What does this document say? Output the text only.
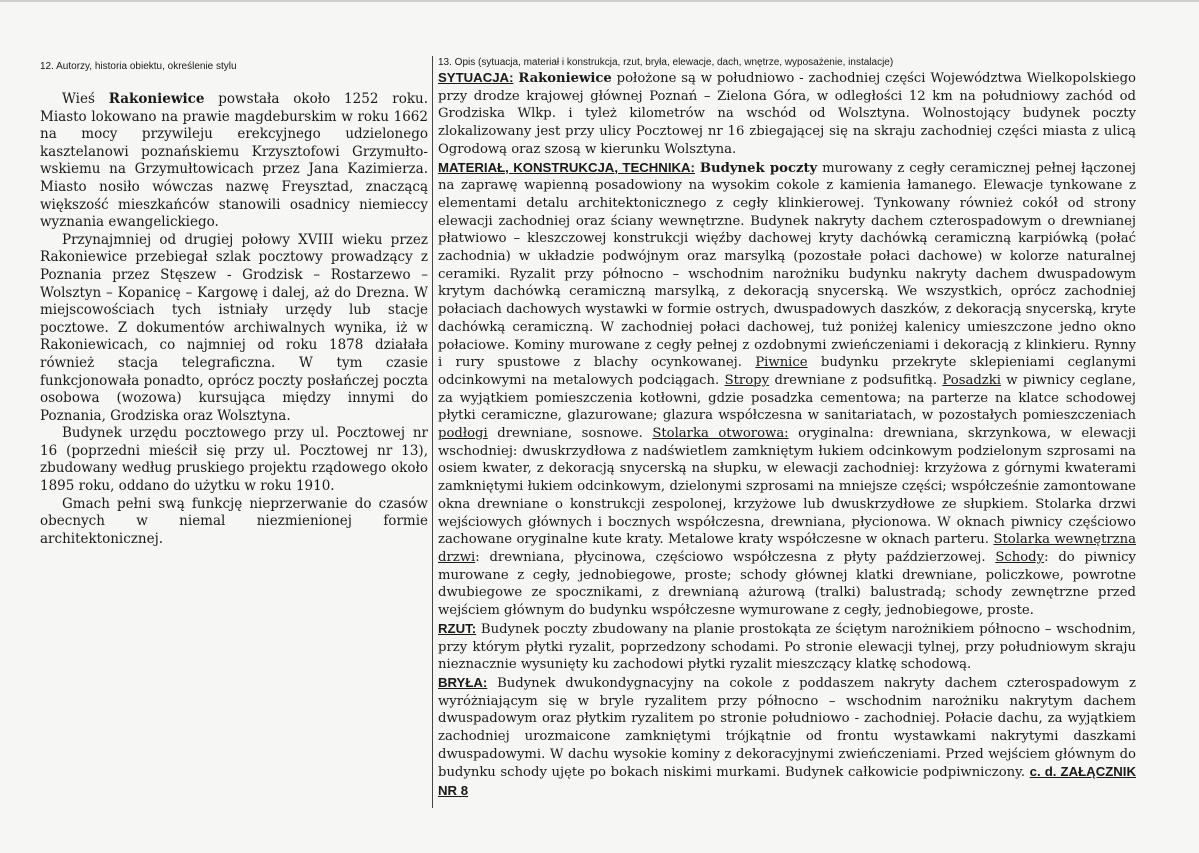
12. Autorzy, historia obiektu, określenie stylu

Wieś Rakoniewice powstała około 1252 roku. Miasto lokowano na prawie magdeburskim w roku 1662 na mocy przywileju erekcyjnego udzielonego kasztelanowi poznańskiemu Krzysztofowi Grzymułto-wskiemu na Grzymułtowicach przez Jana Kazimierza. Miasto nosiło wówczas nazwę Freysztad, znaczącą większość mieszkańców stanowili osadnicy niemieccy wyznania ewangelickiego.

Przynajmniej od drugiej połowy XVIII wieku przez Rakoniewice przebiegał szlak pocztowy prowadzący z Poznania przez Stęszew - Grodzisk – Rostarzewo – Wolsztyn – Kopanicę – Kargowę i dalej, aż do Drezna. W miejscowościach tych istniały urzędy lub stacje pocztowe. Z dokumentów archiwalnych wynika, iż w Rakoniewicach, co najmniej od roku 1878 działała również stacja telegraficzna. W tym czasie funkcjonowała ponadto, oprócz poczty posłańczej poczta osobowa (wozowa) kursująca między innymi do Poznania, Grodziska oraz Wolsztyna.

Budynek urzędu pocztowego przy ul. Pocztowej nr 16 (poprzedni mieścił się przy ul. Pocztowej nr 13), zbudowany według pruskiego projektu rządowego około 1895 roku, oddano do użytku w roku 1910.

Gmach pełni swą funkcję nieprzerwanie do czasów obecnych w niemal niezmienionej formie architektonicznej.

13. Opis (sytuacja, materiał i konstrukcja, rzut, bryła, elewacje, dach, wnętrze, wyposażenie, instalacje)

SYTUACJA: Rakoniewice położone są w południowo - zachodniej części Województwa Wielkopolskiego przy drodze krajowej głównej Poznań – Zielona Góra, w odległości 12 km na południowy zachód od Grodziska Wlkp. i tyleż kilometrów na wschód od Wolsztyna. Wolnostojący budynek poczty zlokalizowany jest przy ulicy Pocztowej nr 16 zbiegającej się na skraju zachodniej części miasta z ulicą Ogrodową oraz szosą w kierunku Wolsztyna.

MATERIAŁ, KONSTRUKCJA, TECHNIKA: Budynek poczty murowany z cegły ceramicznej pełnej łączonej na zaprawę wapienną posadowiony na wysokim cokole z kamienia łamanego. Elewacje tynkowane z elementami detalu architektonicznego z cegły klinkierowej. Tynkowany również cokół od strony elewacji zachodniej oraz ściany wewnętrzne. Budynek nakryty dachem czterospadowym o drewnianej płatwiowo – kleszczowej konstrukcji więźby dachowej kryty dachówką ceramiczną karpiówką (połać zachodnia) w układzie podwójnym oraz marsylką (pozostałe połaci dachowe) w kolorze naturalnej ceramiki. Ryzalit przy północno – wschodnim narożniku budynku nakryty dachem dwuspadowym krytym dachówką ceramiczną marsylką, z dekoracją snycerską. We wszystkich, oprócz zachodniej połaciach dachowych wystawki w formie ostrych, dwuspadowych daszków, z dekoracją snycerską, kryte dachówką ceramiczną. W zachodniej połaci dachowej, tuż poniżej kalenicy umieszczone jedno okno połaciowe. Kominy murowane z cegły pełnej z ozdobnymi zwieńczeniami i dekoracją z klinkieru. Rynny i rury spustowe z blachy ocynkowanej. Piwnice budynku przekryte sklepieniami ceglanymi odcinkowymi na metalowych podciągach. Stropy drewniane z podsufitką. Posadzki w piwnicy ceglane, za wyjątkiem pomieszczenia kotłowni, gdzie posadzka cementowa; na parterze na klatce schodowej płytki ceramiczne, glazurowane; glazura współczesna w sanitariatach, w pozostałych pomieszczeniach podłogi drewniane, sosnowe. Stolarka otworowa: oryginalna: drewniana, skrzynkowa, w elewacji wschodniej: dwuskrzydłowa z nadświetlem zamkniętym łukiem odcinkowym podzielonym szprosami na osiem kwater, z dekoracją snycerską na słupku, w elewacji zachodniej: krzyżowa z górnymi kwaterami zamkniętymi łukiem odcinkowym, dzielonymi szprosami na mniejsze części; współcześnie zamontowane okna drewniane o konstrukcji zespolonej, krzyżowe lub dwuskrzydłowe ze słupkiem. Stolarka drzwi wejściowych głównych i bocznych współczesna, drewniana, płycionowa. W oknach piwnicy częściowo zachowane oryginalne kute kraty. Metalowe kraty współczesne w oknach parteru. Stolarka wewnętrzna drzwi: drewniana, płycinowa, częściowo współczesna z płyty paździerzowej. Schody: do piwnicy murowane z cegły, jednobiegowe, proste; schody głównej klatki drewniane, policzkowe, powrotne dwubiegowe ze spocznikami, z drewnianą ażurową (tralki) balustradą; schody zewnętrzne przed wejściem głównym do budynku współczesne wymurowane z cegły, jednobiegowe, proste.

RZUT: Budynek poczty zbudowany na planie prostokąta ze ściętym narożnikiem północno – wschodnim, przy którym płytki ryzalit, poprzedzony schodami. Po stronie elewacji tylnej, przy południowym skraju nieznacznie wysunięty ku zachodowi płytki ryzalit mieszczący klatkę schodową.

BRYŁA: Budynek dwukondygnacyjny na cokole z poddaszem nakryty dachem czterospadowym z wyróżniającym się w bryle ryzalitem przy północno – wschodnim narożniku nakrytym dachem dwuspadowym oraz płytkim ryzalitem po stronie południowo - zachodniej. Połacie dachu, za wyjątkiem zachodniej urozmaicone zamkniętymi trójkątnie od frontu wystawkami nakrytymi daszkami dwuspadowymi. W dachu wysokie kominy z dekoracyjnymi zwieńczeniami. Przed wejściem głównym do budynku schody ujęte po bokach niskimi murkami. Budynek całkowicie podpiwniczony. c. d. ZAŁĄCZNIK NR 8
